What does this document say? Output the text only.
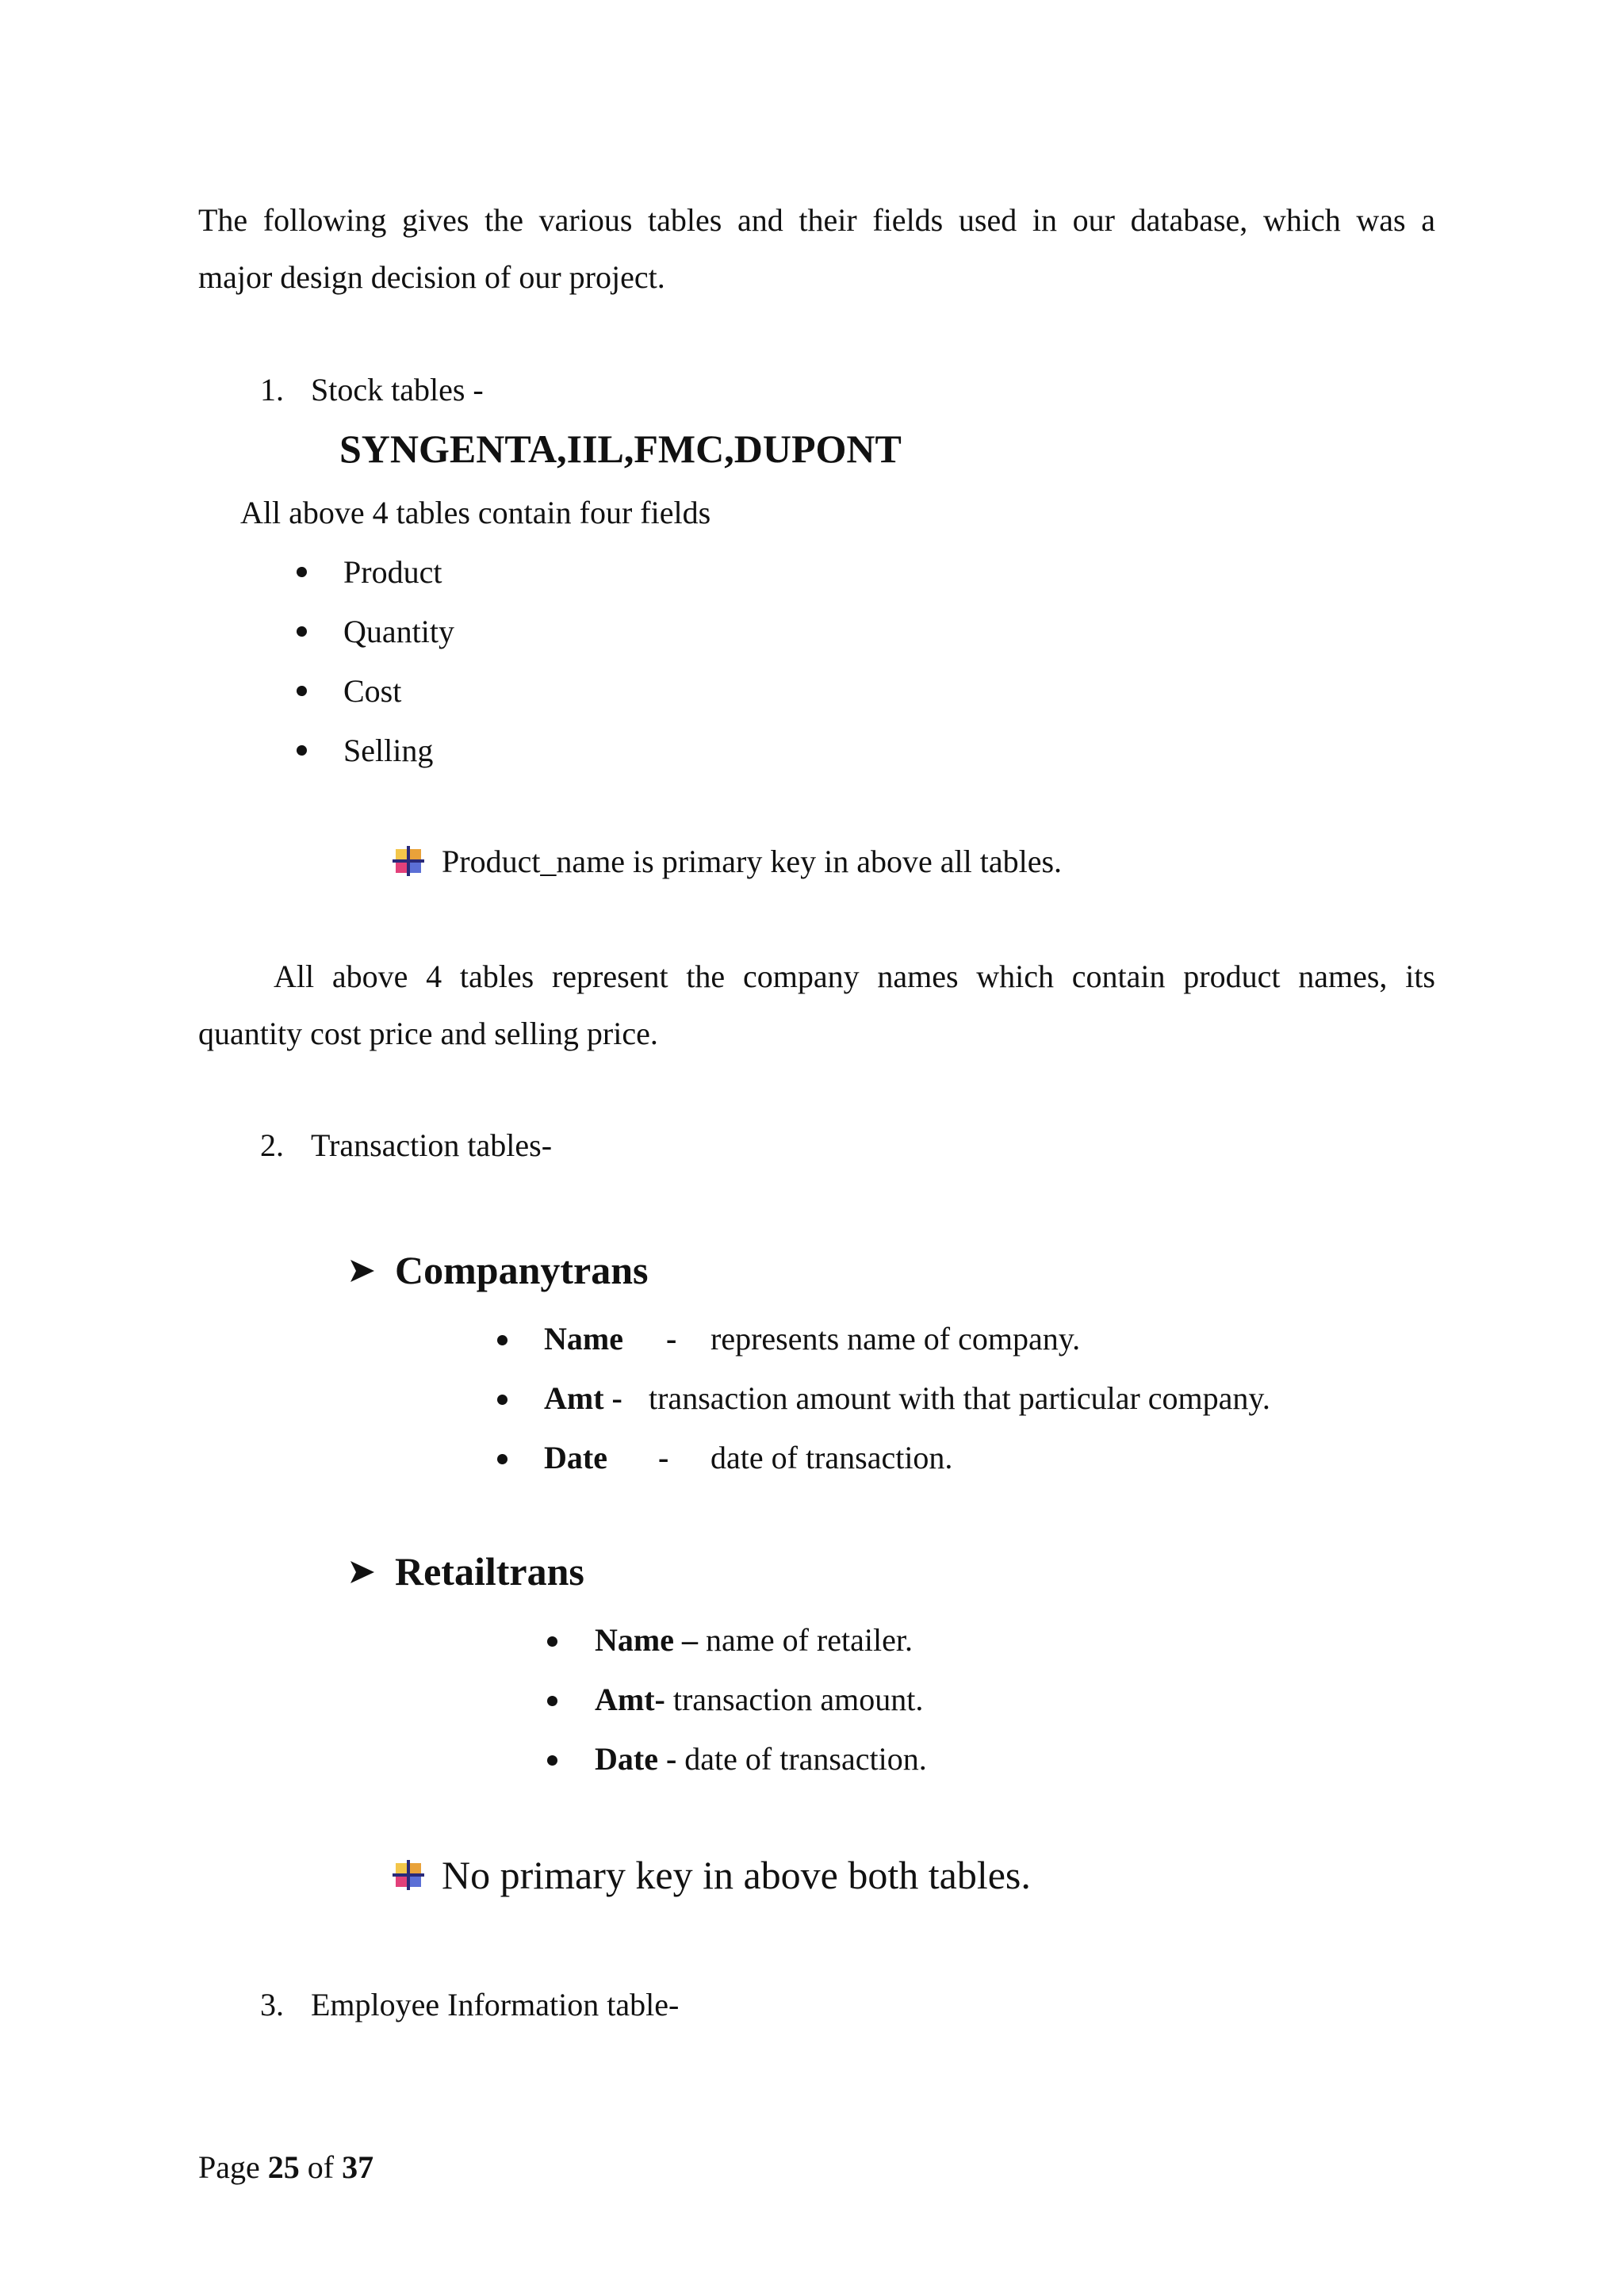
The following gives the various tables and their fields used in our database, which was a
major design decision of our project.
1. Stock tables -
SYNGENTA,IIL,FMC,DUPONT
All above 4 tables contain four fields
Product
Quantity
Cost
Selling
Product_name is primary key in above all tables.
All above 4 tables represent the company names which contain product names, its
quantity cost price and selling price.
2. Transaction tables-
Companytrans
Name - represents name of company.
Amt - transaction amount with that particular company.
Date - date of transaction.
Retailtrans
Name – name of retailer.
Amt- transaction amount.
Date - date of transaction.
No primary key in above both tables.
3. Employee Information table-
Page 25 of 37
